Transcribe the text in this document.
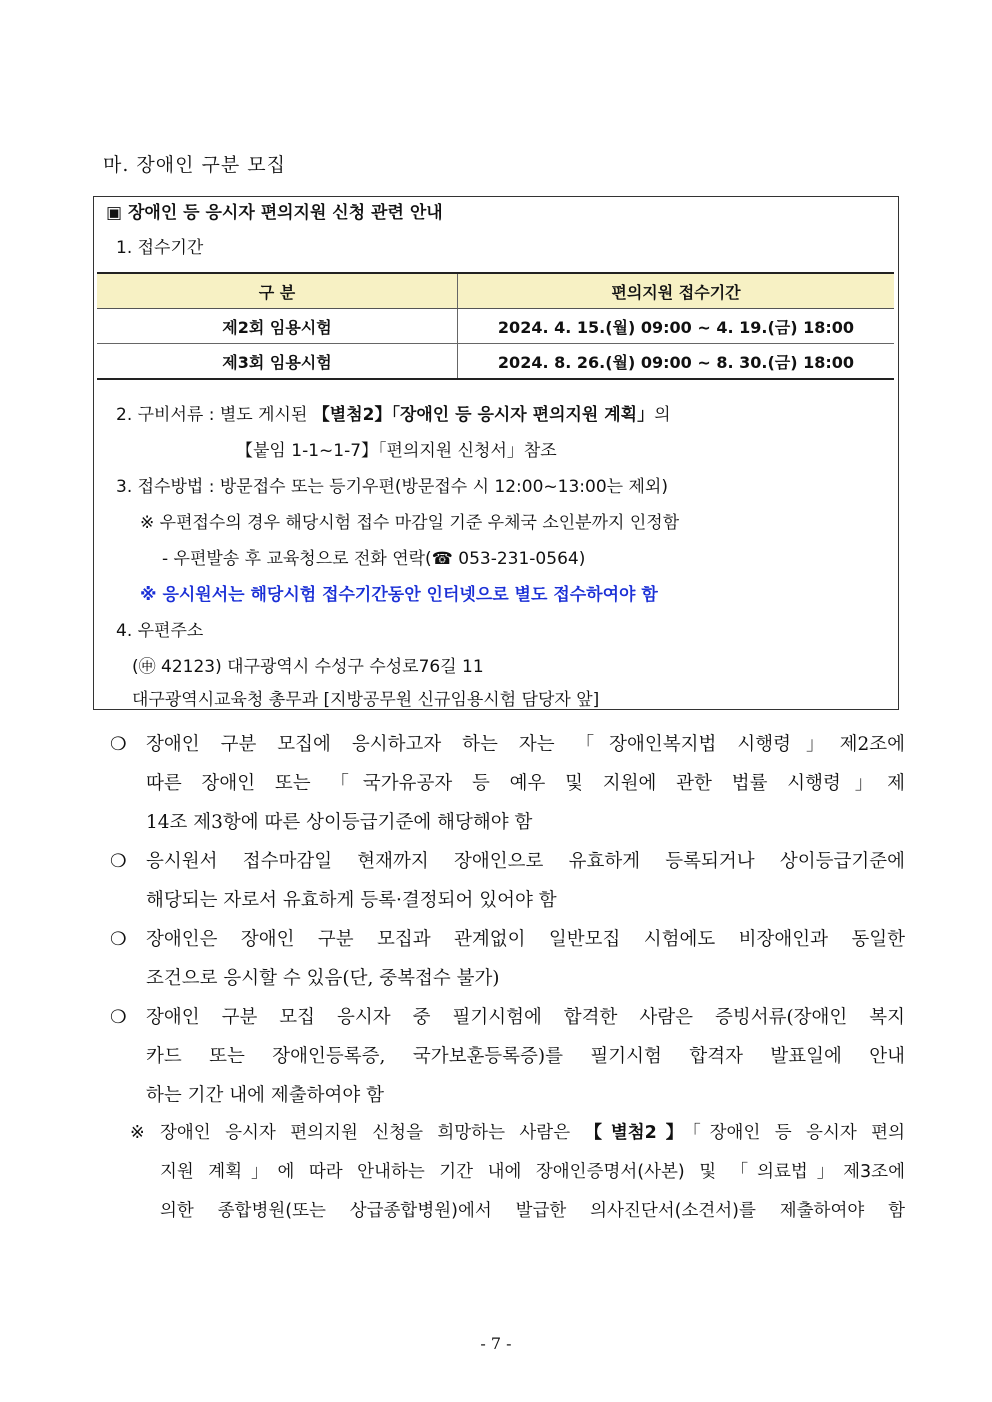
마. 장애인 구분 모집
▣ 장애인 등 응시자 편의지원 신청 관련 안내
1. 접수기간
구 분	편의지원 접수기간
제2회 임용시험	2024. 4. 15.(월) 09:00 ~ 4. 19.(금) 18:00
제3회 임용시험	2024. 8. 26.(월) 09:00 ~ 8. 30.(금) 18:00
2. 구비서류 : 별도 게시된 【별첨2】「장애인 등 응시자 편의지원 계획」의
【붙임 1-1~1-7】「편의지원 신청서」참조
3. 접수방법 : 방문접수 또는 등기우편(방문접수 시 12:00~13:00는 제외)
※ 우편접수의 경우 해당시험 접수 마감일 기준 우체국 소인분까지 인정함
- 우편발송 후 교육청으로 전화 연락(☎ 053-231-0564)
※ 응시원서는 해당시험 접수기간동안 인터넷으로 별도 접수하여야 함
4. 우편주소
(㊥ 42123) 대구광역시 수성구 수성로76길 11
대구광역시교육청 총무과 [지방공무원 신규임용시험 담당자 앞]
❍ 장애인 구분 모집에 응시하고자 하는 자는 「장애인복지법 시행령」제2조에
따른 장애인 또는 「국가유공자 등 예우 및 지원에 관한 법률 시행령」제
14조 제3항에 따른 상이등급기준에 해당해야 함
❍ 응시원서 접수마감일 현재까지 장애인으로 유효하게 등록되거나 상이등급기준에
해당되는 자로서 유효하게 등록·결정되어 있어야 함
❍ 장애인은 장애인 구분 모집과 관계없이 일반모집 시험에도 비장애인과 동일한
조건으로 응시할 수 있음(단, 중복접수 불가)
❍ 장애인 구분 모집 응시자 중 필기시험에 합격한 사람은 증빙서류(장애인 복지
카드 또는 장애인등록증, 국가보훈등록증)를 필기시험 합격자 발표일에 안내
하는 기간 내에 제출하여야 함
※ 장애인 응시자 편의지원 신청을 희망하는 사람은 【별첨2】「장애인 등 응시자 편의
지원 계획」에 따라 안내하는 기간 내에 장애인증명서(사본) 및 「의료법」제3조에
의한 종합병원(또는 상급종합병원)에서 발급한 의사진단서(소견서)를 제출하여야 함
- 7 -
